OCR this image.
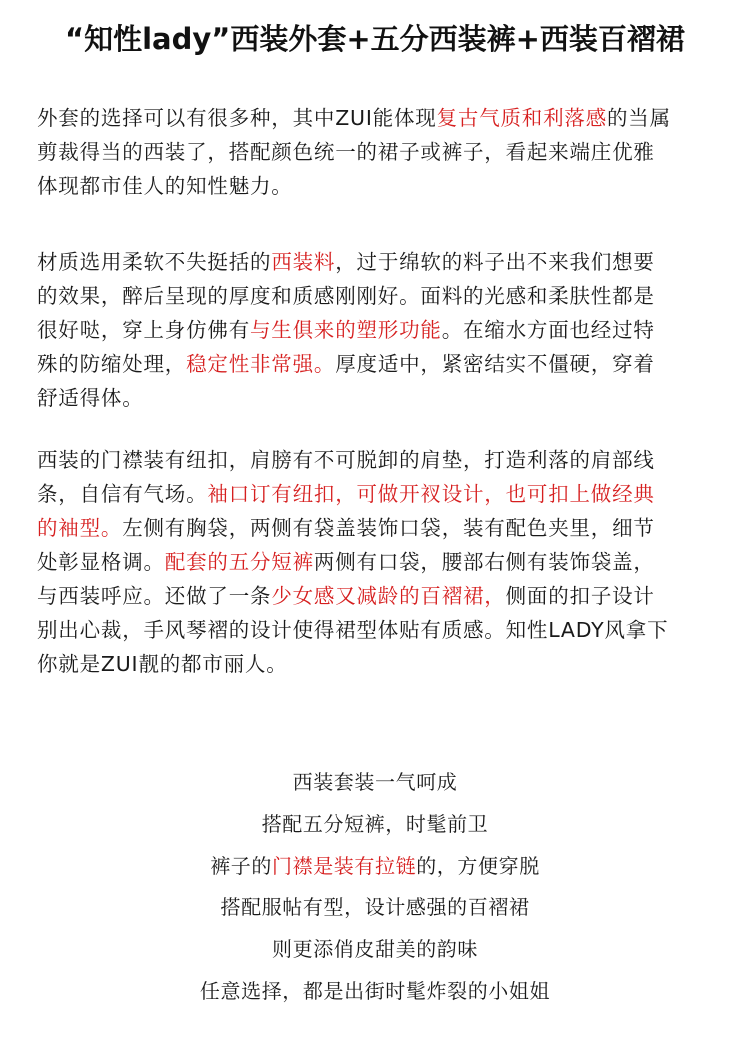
“知性lady”西装外套+五分西装裤+西装百褶裙
外套的选择可以有很多种，其中ZUI能体现复古气质和利落感的当属
剪裁得当的西装了，搭配颜色统一的裙子或裤子，看起来端庄优雅
体现都市佳人的知性魅力。
材质选用柔软不失挺括的西装料，过于绵软的料子出不来我们想要
的效果，醉后呈现的厚度和质感刚刚好。面料的光感和柔肤性都是
很好哒，穿上身仿佛有与生俱来的塑形功能。在缩水方面也经过特
殊的防缩处理，稳定性非常强。厚度适中，紧密结实不僵硬，穿着
舒适得体。
西装的门襟装有纽扣，肩膀有不可脱卸的肩垫，打造利落的肩部线
条，自信有气场。袖口订有纽扣，可做开衩设计，也可扣上做经典
的袖型。左侧有胸袋，两侧有袋盖装饰口袋，装有配色夹里，细节
处彰显格调。配套的五分短裤两侧有口袋，腰部右侧有装饰袋盖，
与西装呼应。还做了一条少女感又减龄的百褶裙，侧面的扣子设计
别出心裁，手风琴褶的设计使得裙型体贴有质感。知性LADY风拿下
你就是ZUI靓的都市丽人。
西装套装一气呵成
搭配五分短裤，时髦前卫
裤子的门襟是装有拉链的，方便穿脱
搭配服帖有型，设计感强的百褶裙
则更添俏皮甜美的韵味
任意选择，都是出街时髦炸裂的小姐姐
